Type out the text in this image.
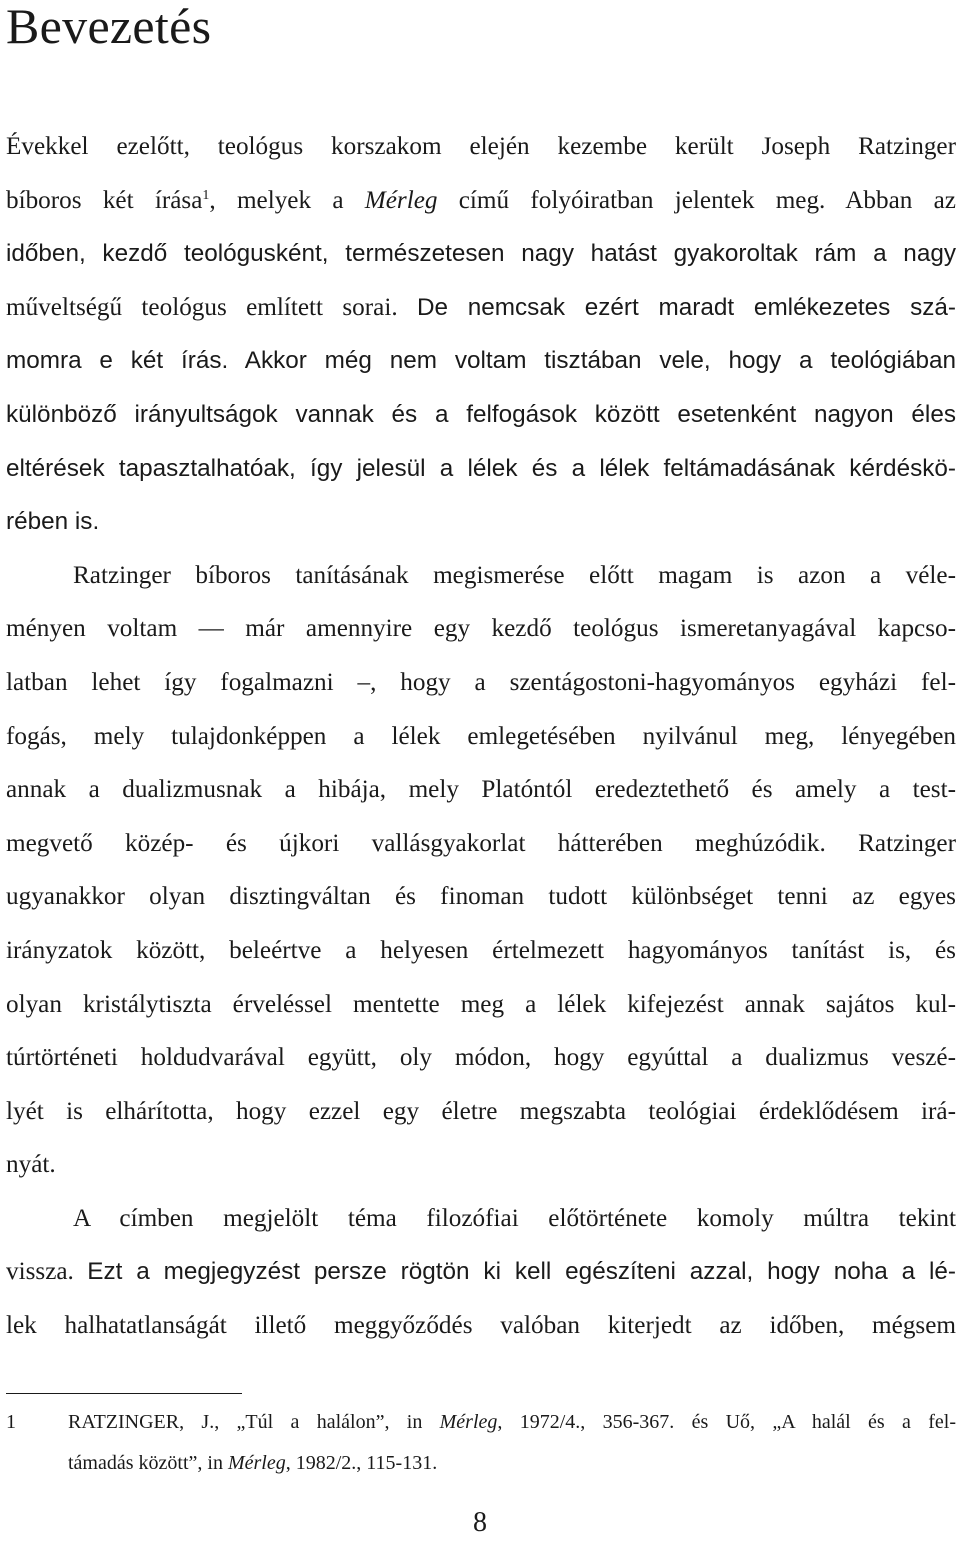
Bevezetés
Évekkel ezelőtt, teológus korszakom elején kezembe került Joseph Ratzinger
bíboros két írása$^1$, melyek a Mérleg című folyóiratban jelentek meg. Abban az
időben, kezdő teológusként, természetesen nagy hatást gyakoroltak rám a nagy
műveltségű teológus említett sorai. De nemcsak ezért maradt emlékezetes szá-
momra e két írás. Akkor még nem voltam tisztában vele, hogy a teológiában
különböző irányultságok vannak és a felfogások között esetenként nagyon éles
eltérések tapasztalhatóak, így jelesül a lélek és a lélek feltámadásának kérdéskö-
rében is.
Ratzinger bíboros tanításának megismerése előtt magam is azon a véle-
ményen voltam — már amennyire egy kezdő teológus ismeretanyagával kapcso-
latban lehet így fogalmazni –, hogy a szentágostoni-hagyományos egyházi fel-
fogás, mely tulajdonképpen a lélek emlegetésében nyilvánul meg, lényegében
annak a dualizmusnak a hibája, mely Platóntól eredeztethető és amely a test-
megvető közép- és újkori vallásgyakorlat hátterében meghúzódik. Ratzinger
ugyanakkor olyan disztingváltan és finoman tudott különbséget tenni az egyes
irányzatok között, beleértve a helyesen értelmezett hagyományos tanítást is, és
olyan kristálytiszta érveléssel mentette meg a lélek kifejezést annak sajátos kul-
túrtörténeti holdudvarával együtt, oly módon, hogy egyúttal a dualizmus veszé-
lyét is elhárította, hogy ezzel egy életre megszabta teológiai érdeklődésem irá-
nyát.
A címben megjelölt téma filozófiai előtörténete komoly múltra tekint
vissza. Ezt a megjegyzést persze rögtön ki kell egészíteni azzal, hogy noha a lé-
lek halhatatlanságát illető meggyőződés valóban kiterjedt az időben, mégsem
1	RATZINGER, J., „Túl a halálon”, in Mérleg, 1972/4., 356-367. és Uő, „A halál és a fel-
támadás között”, in Mérleg, 1982/2., 115-131.
8
